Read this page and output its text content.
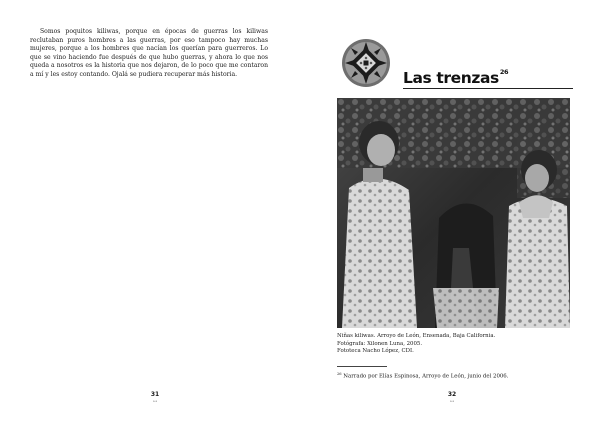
Somos poquitos kiliwas, porque en épocas de guerras los kiliwas reclutaban puros hombres a las guerras, por eso tampoco hay muchas mujeres, porque a los hombres que nacían los querían para guerreros. Lo que se vino haciendo fue después de que hubo guerras, y ahora lo que nos queda a nosotros es la historia que nos dejaron, de lo poco que me contaron a mí y les estoy contando. Ojalá se pudiera recuperar más historia.

31
a·a
Las trenzas$^{26}$

Niñas kiliwas. Arroyo de León, Ensenada, Baja California.
Fotógrafa: Xilonen Luna, 2005.
Fototeca Nacho López, CDI.

$^{26}$ Narrado por Elías Espinosa, Arroyo de León, junio del 2006.

32
a·a
